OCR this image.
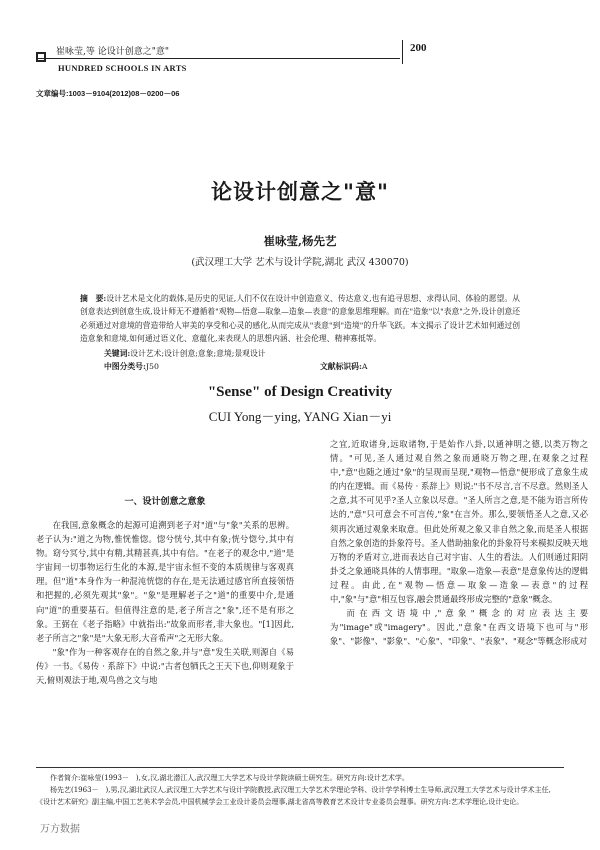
崔咏莹,等 论设计创意之"意"	200
HUNDRED SCHOOLS IN ARTS
文章编号:1003－9104(2012)08－0200－06
论设计创意之"意"
崔咏莹,杨先艺
(武汉理工大学 艺术与设计学院,湖北 武汉 430070)
摘　要:设计艺术是文化的载体,是历史的见证,人们不仅在设计中创造意义、传达意义,也有追寻思想、求得认同、体验的愿望。从创意表达到创意生成,设计师无不遵循着"观物—悟意—取象—造象—表意"的意象思维理解。而在"造象"以"表意"之外,设计创意还必须通过对意境的营造带给人审美的享受和心灵的感化,从而完成从"表意"到"造境"的升华飞跃。本文揭示了设计艺术如何通过创造意象和意境,如何通过语义化、意蕴化,来表现人的思想内涵、社会伦理、精神寡抵等。
关键词:设计艺术;设计创意;意象;意境;景观设计
中图分类号:J50	文献标识码:A
"Sense" of Design Creativity
CUI Yong－ying, YANG Xian－yi
一、设计创意之意象

在我国,意象概念的起源可追溯到老子对"道"与"象"关系的思辨。老子认为:"道之为物,惟恍惟惚。惚兮恍兮,其中有象;恍兮惚兮,其中有物。窈兮冥兮,其中有精,其精甚真,其中有信。"在老子的观念中,"道"是宇宙间一切事物运行生化的本源,是宇宙永恒不变的本质规律与客观真理。但"道"本身作为一种混沌恍惚的存在,是无法通过感官所直接领悟和把握的,必须先观其"象"。"象"是理解老子之"道"的重要中介,是通向"道"的重要基石。但值得注意的是,老子所言之"象",还不是有形之象。王弼在《老子指略》中就指出:"故象而形者,非大象也。"[1]因此,老子所言之"象"是"大象无形,大音希声"之无形大象。

"象"作为一种客观存在的自然之象,并与"意"发生关联,则源自《易传》一书。《易传 · 系辞下》中说:"古者包牺氏之王天下也,仰则观象于天,俯则观法于地,观鸟兽之文与地

之宜,近取诸身,远取诸物,于是始作八卦,以通神明之德,以类万物之情。"可见,圣人通过观自然之象而通晓万物之理,在观象之过程中,"意"也随之通过"象"的呈现而呈现,"观物—悟意"便形成了意象生成的内在逻辑。而《易传 · 系辞上》则说:"书不尽言,言不尽意。然则圣人之意,其不可见乎?圣人立象以尽意。"圣人所言之意,是不能为语言所传达的,"意"只可意会不可言传,"象"在言外。那么,要领悟圣人之意,又必须再次通过观象来取意。但此处所观之象又非自然之象,而是圣人根据自然之象创造的卦象符号。圣人借助抽象化的卦象符号来模拟反映天地万物的矛盾对立,进而表达自己对宇宙、人生的看法。人们则通过阳阴卦爻之象通晓具体的人情事理。"取象—造象—表意"是意象传达的逻辑过程。由此,在"观物—悟意—取象—造象—表意"的过程中,"象"与"意"相互包容,融会贯通最终形成完整的"意象"概念。

而在西文语境中,"意象"概念的对应表达主要为"image"或"imagery"。因此,"意象"在西文语境下也可与"形象"、"影像"、"影象"、"心象"、"印象"、"表象"、"观念"等概念形成对

作者简介:崔咏莹(1993－　),女,汉,湖北潜江人,武汉理工大学艺术与设计学院读硕士研究生。研究方向:设计艺术学。

杨先艺(1963－　),男,汉,湖北武汉人,武汉理工大学艺术与设计学院教授,武汉理工大学艺术学理论学科、设计学学科博士生导师,武汉理工大学艺术与设计学术主任,《设计艺术研究》副主编,中国工艺美术学会员,中国机械学会工业设计委员会理事,湖北省高等教育艺术设计专业委员会理事。研究方向:艺术学理论,设计史论。

万方数据
